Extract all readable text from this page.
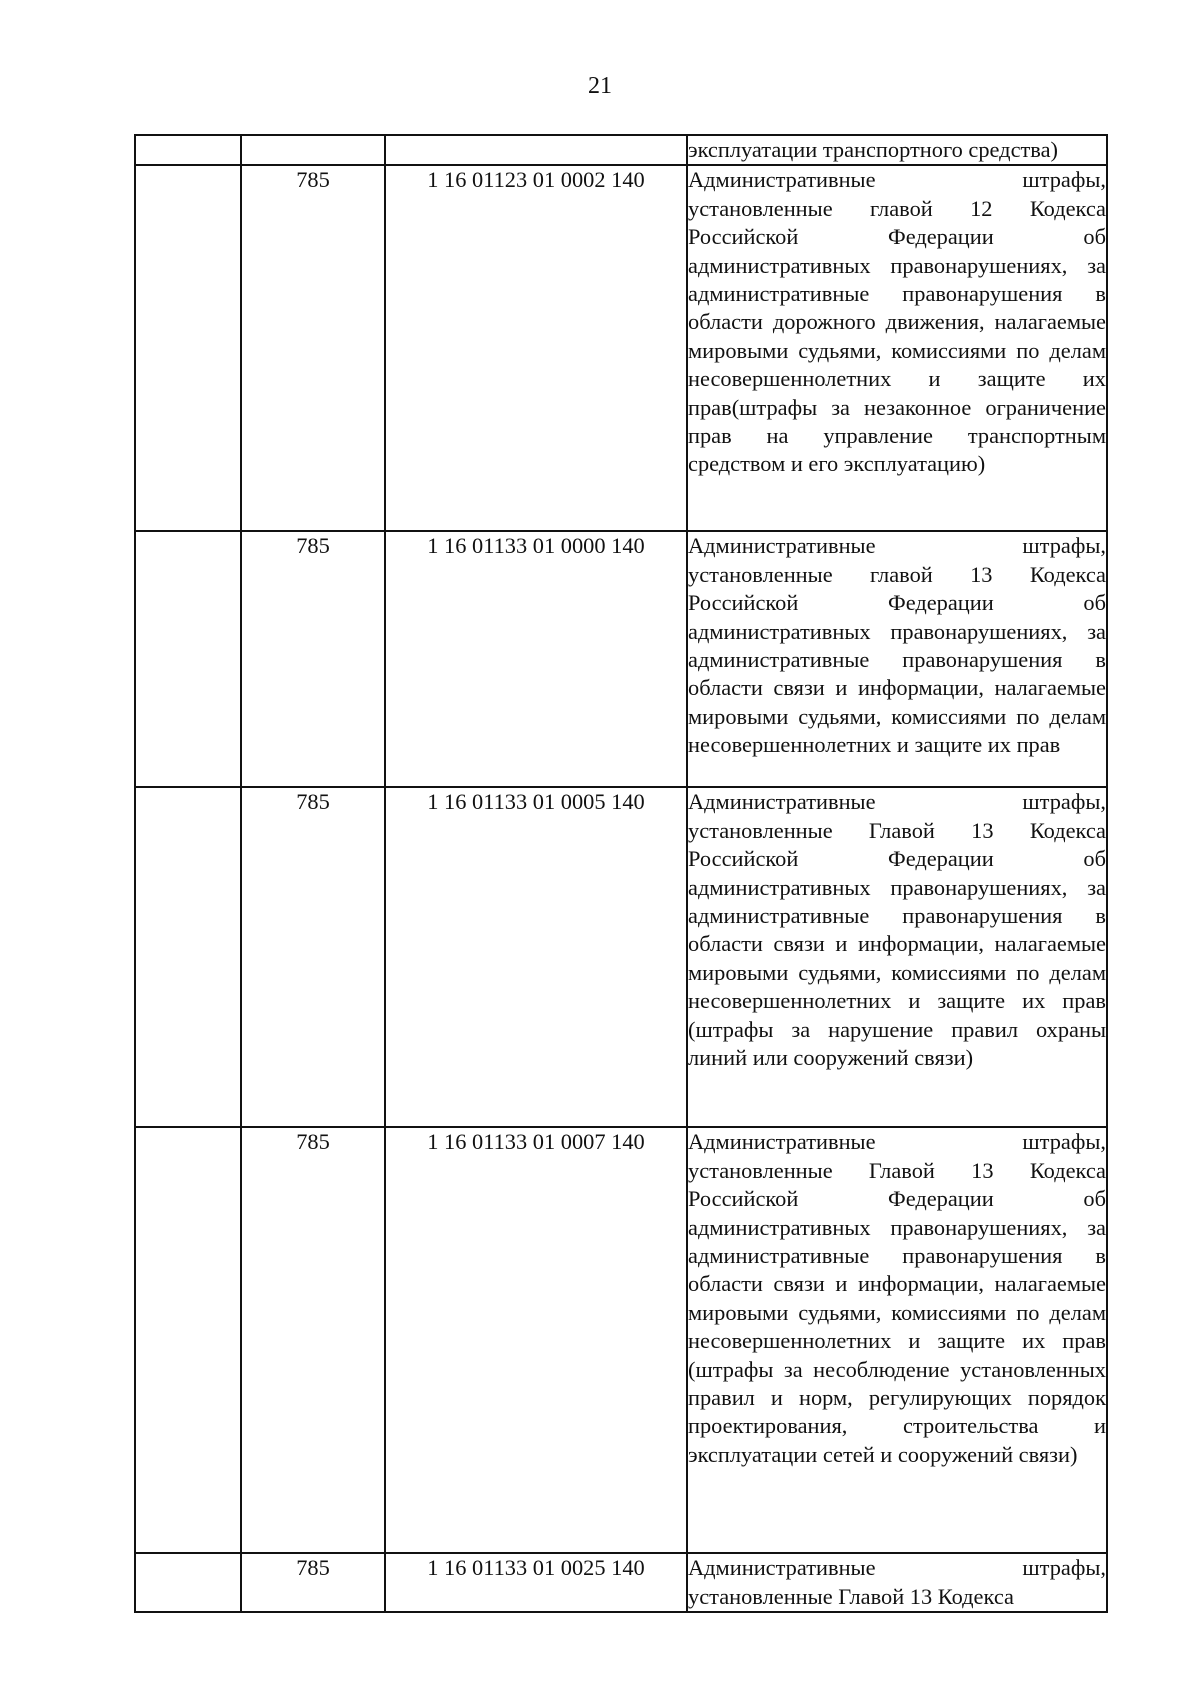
21
			эксплуатации транспортного средства)
	785	1 16 01123 01 0002 140	Административные штрафы, установленные главой 12 Кодекса Российской Федерации об административных правонарушениях, за административные правонарушения в области дорожного движения, налагаемые мировыми судьями, комиссиями по делам несовершеннолетних и защите их прав(штрафы за незаконное ограничение прав на управление транспортным средством и его эксплуатацию)
	785	1 16 01133 01 0000 140	Административные штрафы, установленные главой 13 Кодекса Российской Федерации об административных правонарушениях, за административные правонарушения в области связи и информации, налагаемые мировыми судьями, комиссиями по делам несовершеннолетних и защите их прав
	785	1 16 01133 01 0005 140	Административные штрафы, установленные Главой 13 Кодекса Российской Федерации об административных правонарушениях, за административные правонарушения в области связи и информации, налагаемые мировыми судьями, комиссиями по делам несовершеннолетних и защите их прав (штрафы за нарушение правил охраны линий или сооружений связи)
	785	1 16 01133 01 0007 140	Административные штрафы, установленные Главой 13 Кодекса Российской Федерации об административных правонарушениях, за административные правонарушения в области связи и информации, налагаемые мировыми судьями, комиссиями по делам несовершеннолетних и защите их прав (штрафы за несоблюдение установленных правил и норм, регулирующих порядок проектирования, строительства и эксплуатации сетей и сооружений связи)
	785	1 16 01133 01 0025 140	Административные штрафы, установленные Главой 13 Кодекса
